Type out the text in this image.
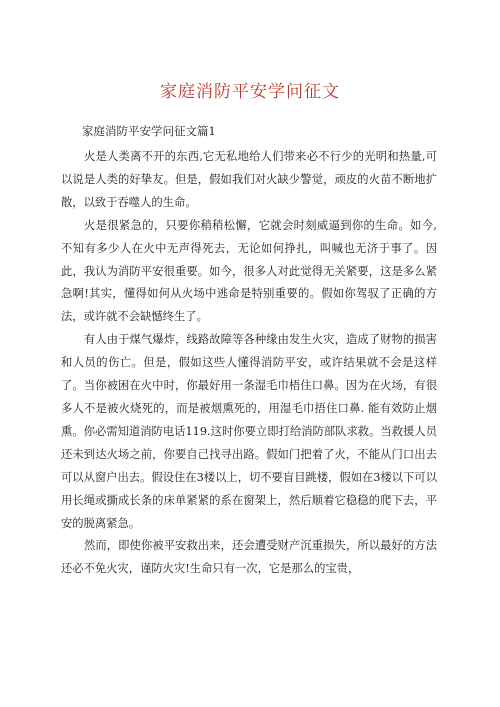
家庭消防平安学问征文
家庭消防平安学问征文篇1

火是人类离不开的东西,它无私地给人们带来必不行少的光明和热量,可以说是人类的好挚友。但是，假如我们对火缺少警觉，顽皮的火苗不断地扩散，以致于吞噬人的生命。

火是很紧急的，只要你稍稍松懈，它就会时刻威逼到你的生命。如今,不知有多少人在火中无声得死去，无论如何挣扎，叫喊也无济于事了。因此，我认为消防平安很重要。如今，很多人对此觉得无关紧要，这是多么紧急啊!其实，懂得如何从火场中逃命是特别重要的。假如你驾驭了正确的方法，或许就不会缺憾终生了。

有人由于煤气爆炸，线路故障等各种缘由发生火灾，造成了财物的损害和人员的伤亡。但是，假如这些人懂得消防平安，或许结果就不会是这样了。当你被困在火中时，你最好用一条湿毛巾梧住口鼻。因为在火场，有很多人不是被火烧死的，而是被烟熏死的，用湿毛巾捂住口鼻. 能有效防止烟熏。你必需知道消防电话119.这时你要立即打给消防部队求救。当救援人员还未到达火场之前，你要自己找寻出路。假如门把着了火，不能从门口出去可以从窗户出去。假设住在3楼以上，切不要盲目跳楼，假如在3楼以下可以用长绳或撕成长条的床单紧紧的系在窗架上，然后顺着它稳稳的爬下去，平安的脱离紧急。

然而，即使你被平安救出来，还会遭受财产沉重损失，所以最好的方法还必不免火灾，谨防火灾!生命只有一次，它是那么的宝贵，
